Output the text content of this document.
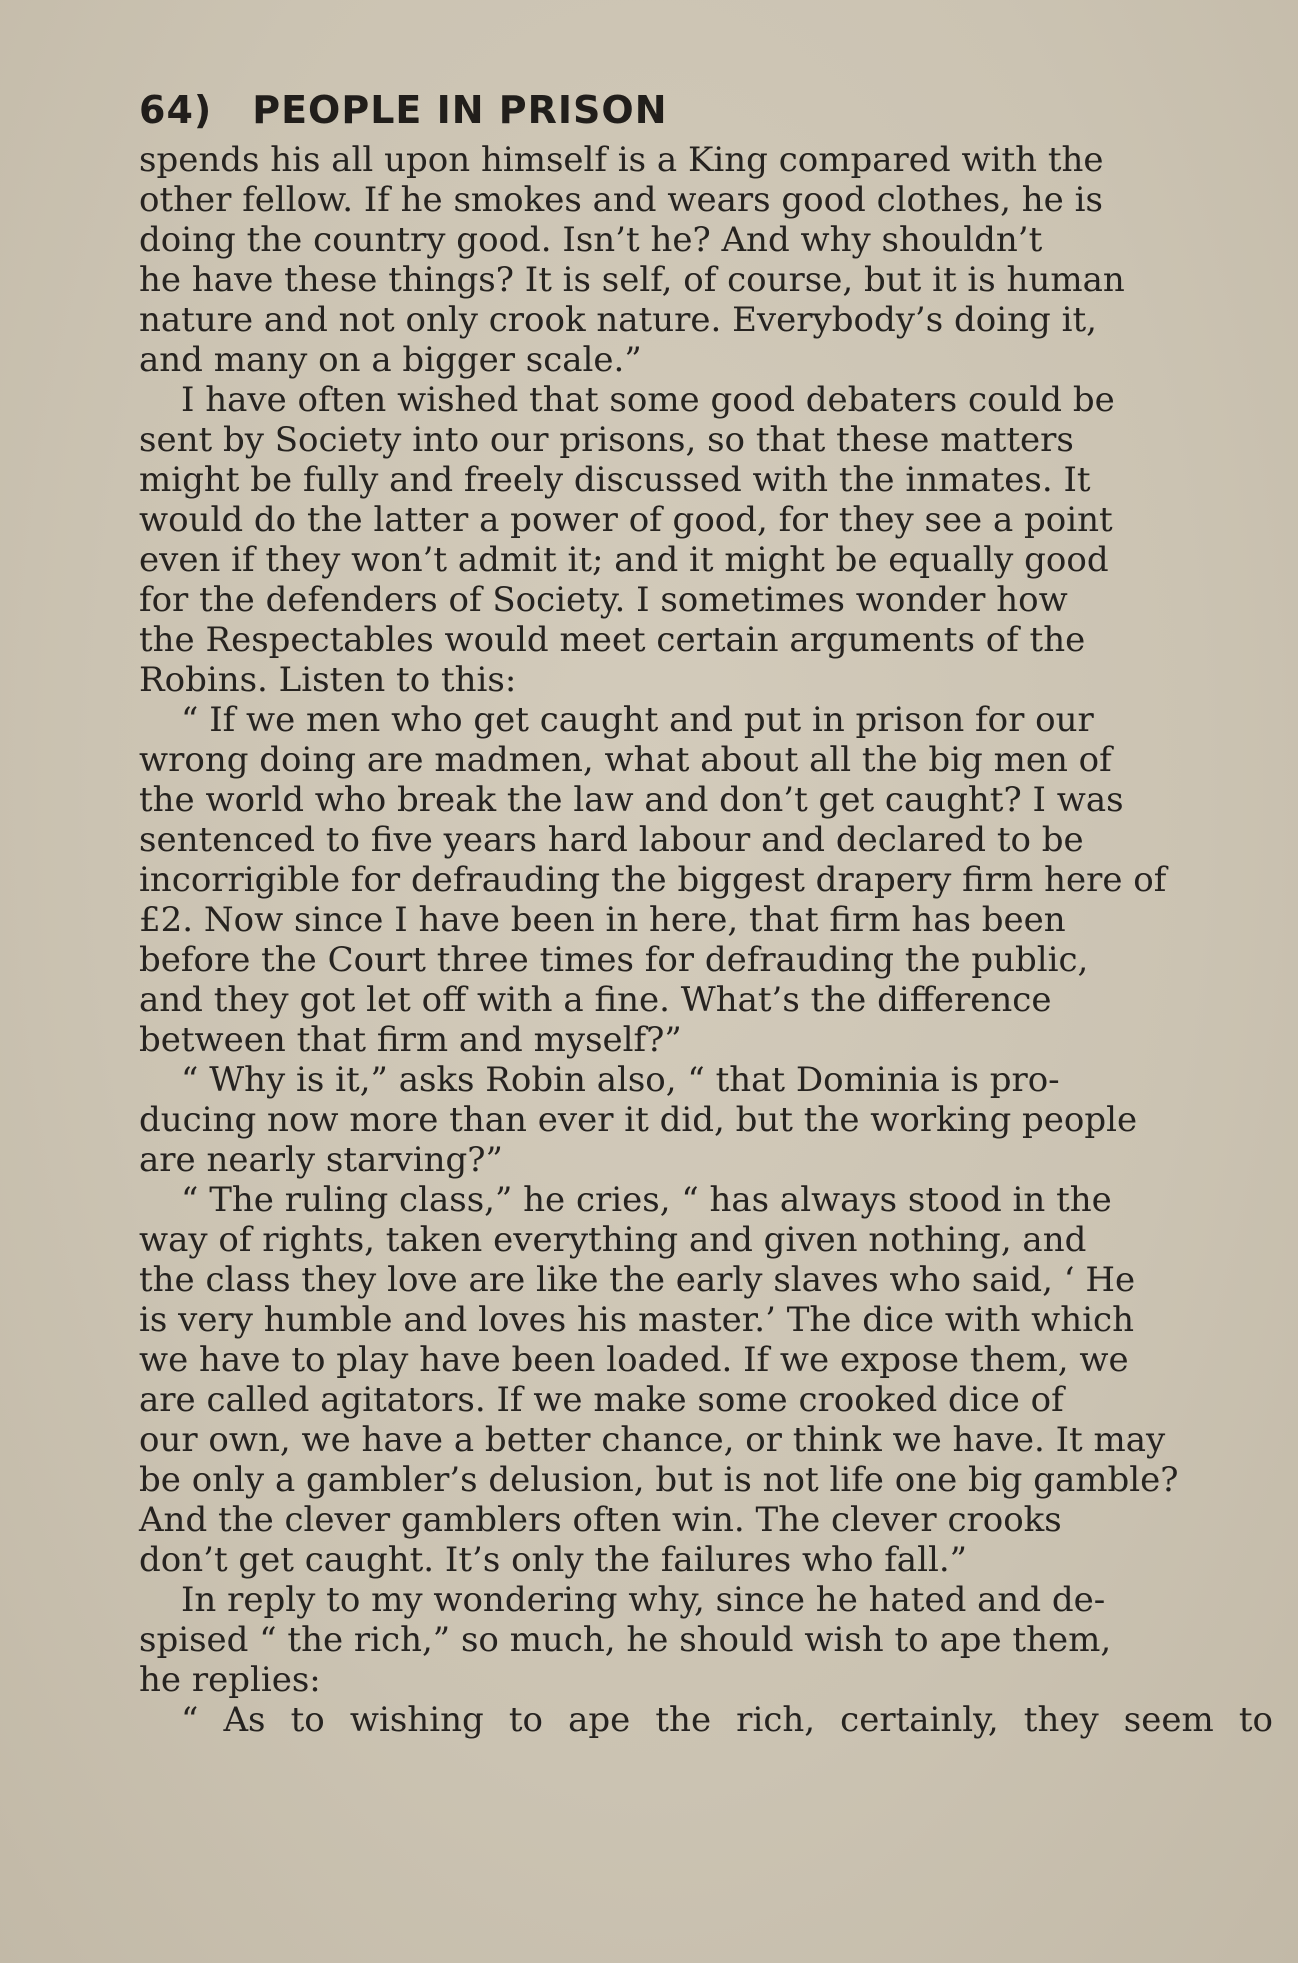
64) PEOPLE IN PRISON

spends his all upon himself is a King compared with the
other fellow. If he smokes and wears good clothes, he is
doing the country good. Isn’t he? And why shouldn’t
he have these things? It is self, of course, but it is human
nature and not only crook nature. Everybody’s doing it,
and many on a bigger scale.”

I have often wished that some good debaters could be
sent by Society into our prisons, so that these matters
might be fully and freely discussed with the inmates. It
would do the latter a power of good, for they see a point
even if they won’t admit it; and it might be equally good
for the defenders of Society. I sometimes wonder how
the Respectables would meet certain arguments of the
Robins. Listen to this:

“ If we men who get caught and put in prison for our
wrong doing are madmen, what about all the big men of
the world who break the law and don’t get caught? I was
sentenced to five years hard labour and declared to be
incorrigible for defrauding the biggest drapery firm here of
£2. Now since I have been in here, that firm has been
before the Court three times for defrauding the public,
and they got let off with a fine. What’s the difference
between that firm and myself?”

“ Why is it,” asks Robin also, “ that Dominia is pro-
ducing now more than ever it did, but the working people
are nearly starving?”

“ The ruling class,” he cries, “ has always stood in the
way of rights, taken everything and given nothing, and
the class they love are like the early slaves who said, ‘ He
is very humble and loves his master.’ The dice with which
we have to play have been loaded. If we expose them, we
are called agitators. If we make some crooked dice of
our own, we have a better chance, or think we have. It may
be only a gambler’s delusion, but is not life one big gamble?
And the clever gamblers often win. The clever crooks
don’t get caught. It’s only the failures who fall.”

In reply to my wondering why, since he hated and de-
spised “ the rich,” so much, he should wish to ape them,
he replies:

“ As to wishing to ape the rich, certainly, they seem to
